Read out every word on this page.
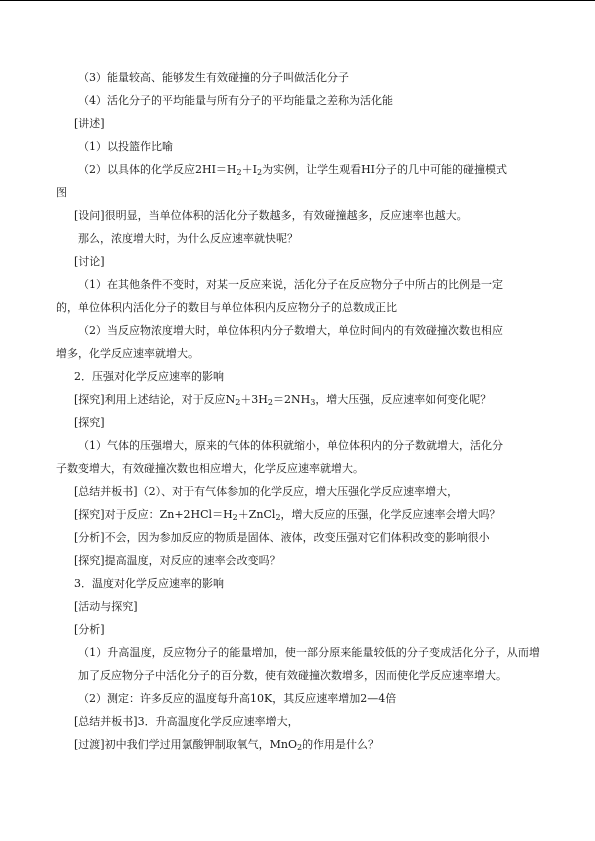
（3）能量较高、能够发生有效碰撞的分子叫做活化分子
（4）活化分子的平均能量与所有分子的平均能量之差称为活化能
[讲述]
（1）以投篮作比喻
（2）以具体的化学反应$2HI=H_2+I_2$为实例，让学生观看HI分子的几中可能的碰撞模式
图
[设问]很明显，当单位体积的活化分子数越多，有效碰撞越多，反应速率也越大。
那么，浓度增大时，为什么反应速率就快呢？
[讨论]
（1）在其他条件不变时，对某一反应来说，活化分子在反应物分子中所占的比例是一定
的，单位体积内活化分子的数目与单位体积内反应物分子的总数成正比
（2）当反应物浓度增大时，单位体积内分子数增大，单位时间内的有效碰撞次数也相应
增多，化学反应速率就增大。
2．压强对化学反应速率的影响
[探究]利用上述结论，对于反应$N_2+3H_2=2NH_3$，增大压强，反应速率如何变化呢？
[探究]
（1）气体的压强增大，原来的气体的体积就缩小，单位体积内的分子数就增大，活化分
子数变增大，有效碰撞次数也相应增大，化学反应速率就增大。
[总结并板书]（2）、对于有气体参加的化学反应，增大压强化学反应速率增大，
[探究]对于反应：$Zn+2HCl=H_2+ZnCl_2$，增大反应的压强，化学反应速率会增大吗？
[分析]不会，因为参加反应的物质是固体、液体，改变压强对它们体积改变的影响很小
[探究]提高温度，对反应的速率会改变吗？
3．温度对化学反应速率的影响
[活动与探究]
[分析]
（1）升高温度，反应物分子的能量增加，使一部分原来能量较低的分子变成活化分子，从而增加了反应物分子中活化分子的百分数，使有效碰撞次数增多，因而使化学反应速率增大。
（2）测定：许多反应的温度每升高10K，其反应速率增加2—4倍
[总结并板书]3．升高温度化学反应速率增大，
[过渡]初中我们学过用氯酸钾制取氧气，MnO$_2$的作用是什么？
